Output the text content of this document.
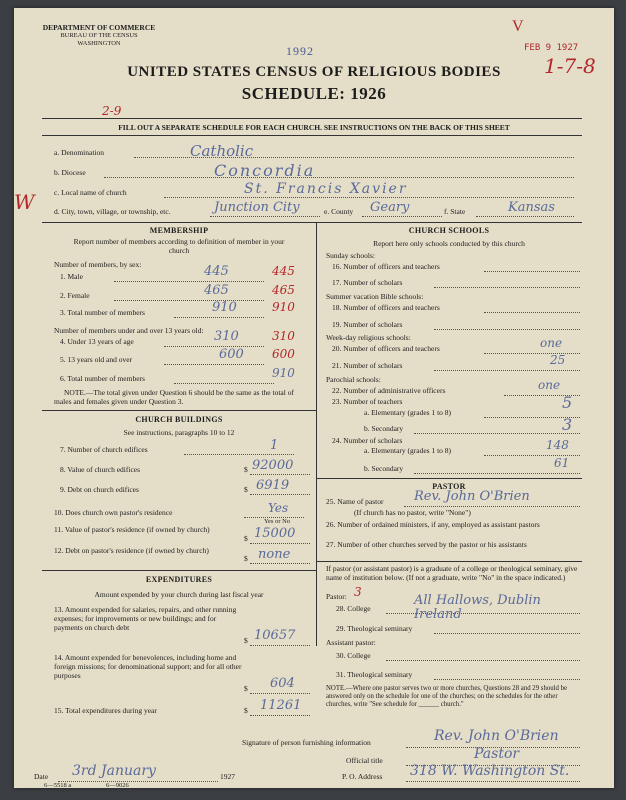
DEPARTMENT OF COMMERCE
BUREAU OF THE CENSUS
WASHINGTON
1992
V
FEB 9 1927
1-7-8
UNITED STATES CENSUS OF RELIGIOUS BODIES
SCHEDULE: 1926
2-9
FILL OUT A SEPARATE SCHEDULE FOR EACH CHURCH. SEE INSTRUCTIONS ON THE BACK OF THIS SHEET
W
a. Denomination	Catholic
b. Diocese	Concordia
c. Local name of church	St. Francis Xavier
d. City, town, village, or township, etc.	Junction City	e. County Geary	f. State	Kansas
MEMBERSHIP
Report number of members according to definition of member in your church
Number of members, by sex:
1. Male	445	445
2. Female	465	465
3. Total number of members	910	910
Number of members under and over 13 years old:
4. Under 13 years of age	310	310
5. 13 years old and over	600 600
6. Total number of members	910
NOTE.—The total given under Question 6 should be the same as the total of males and females given under Question 3.
CHURCH BUILDINGS
See instructions, paragraphs 10 to 12
7. Number of church edifices	1
8. Value of church edifices	$ 92000
9. Debt on church edifices	$ 6919
10. Does church own pastor's residence	Yes
Yes or No
11. Value of pastor's residence (if owned by church)
$ 15000
12. Debt on pastor's residence (if owned by church)
$ none
EXPENDITURES
Amount expended by your church during last fiscal year
13. Amount expended for salaries, repairs, and other running expenses; for improvements or new buildings; and for payments on church debt
$ 10657
14. Amount expended for benevolences, including home and foreign missions; for denominational support; and for all other purposes
$ 604
15. Total expenditures during year	$ 11261
CHURCH SCHOOLS
Report here only schools conducted by this church
Sunday schools:
16. Number of officers and teachers
17. Number of scholars
Summer vacation Bible schools:
18. Number of officers and teachers
19. Number of scholars
Week-day religious schools:
20. Number of officers and teachers	one
21. Number of scholars	25
Parochial schools:
22. Number of administrative officers	one
23. Number of teachers
a. Elementary (grades 1 to 8)
5
b. Secondary	3
24. Number of scholars
a. Elementary (grades 1 to 8)	148
b. Secondary	61
PASTOR
25. Name of pastor Rev. John O'Brien
(If church has no pastor, write "None")
26. Number of ordained ministers, if any, employed as assistant pastors
27. Number of other churches served by the pastor or his assistants
If pastor (or assistant pastor) is a graduate of a college or theological seminary, give name of institution below. (If not a graduate, write "No" in the space indicated.)
Pastor: 3
28. College
All Hallows, Dublin Ireland
29. Theological seminary
Assistant pastor:
30. College
31. Theological seminary
NOTE.—Where one pastor serves two or more churches, Questions 28 and 29 should be answered only on the schedule for one of the churches; on the schedules for the other churches, write "See schedule for ______ church."
Signature of person furnishing information	Rev. John O'Brien
Official title	Pastor
Date 3rd January	1927	P. O. Address 318 W. Washington St.
6—5518 a	6—9026
